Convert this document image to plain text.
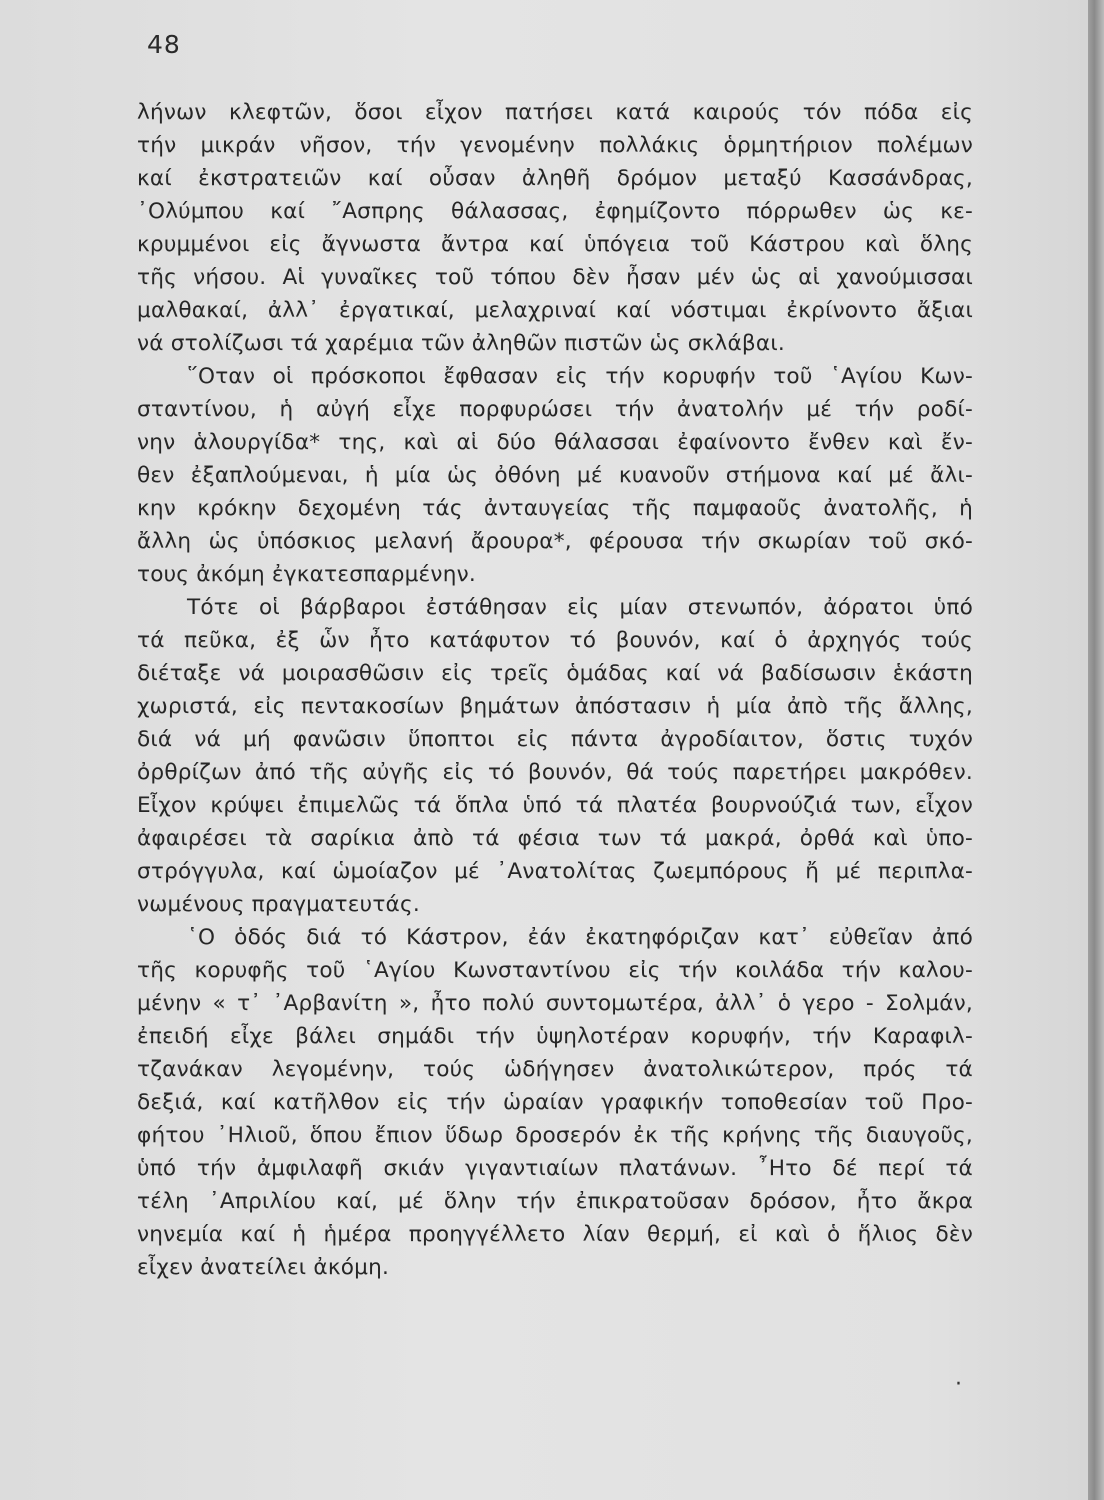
48
λήνων κλεφτῶν, ὅσοι εἶχον πατήσει κατά καιρούς τόν πόδα εἰς
τήν μικράν νῆσον, τήν γενομένην πολλάκις ὁρμητήριον πολέμων
καί ἐκστρατειῶν καί οὖσαν ἀληθῆ δρόμον μεταξύ Κασσάνδρας,
᾿Ολύμπου καί ῎Ασπρης θάλασσας, ἐφημίζοντο πόρρωθεν ὡς κε-
κρυμμένοι εἰς ἄγνωστα ἄντρα καί ὑπόγεια τοῦ Κάστρου καὶ ὅλης
τῆς νήσου. Αἱ γυναῖκες τοῦ τόπου δὲν ἦσαν μέν ὡς αἱ χανούμισσαι
μαλθακαί, ἀλλ᾿ ἐργατικαί, μελαχριναί καί νόστιμαι ἐκρίνοντο ἄξιαι
νά στολίζωσι τά χαρέμια τῶν ἀληθῶν πιστῶν ὡς σκλάβαι.
῞Οταν οἱ πρόσκοποι ἔφθασαν εἰς τήν κορυφήν τοῦ ῾Αγίου Κων-
σταντίνου, ἡ αὐγή εἶχε πορφυρώσει τήν ἀνατολήν μέ τήν ροδί-
νην ἁλουργίδα* της, καὶ αἱ δύο θάλασσαι ἐφαίνοντο ἔνθεν καὶ ἔν-
θεν ἐξαπλούμεναι, ἡ μία ὡς ὀθόνη μέ κυανοῦν στήμονα καί μέ ἄλι-
κην κρόκην δεχομένη τάς ἀνταυγείας τῆς παμφαοῦς ἀνατολῆς, ἡ
ἄλλη ὡς ὑπόσκιος μελανή ἄρουρα*, φέρουσα τήν σκωρίαν τοῦ σκό-
τους ἀκόμη ἐγκατεσπαρμένην.
Τότε οἱ βάρβαροι ἐστάθησαν εἰς μίαν στενωπόν, ἀόρατοι ὑπό
τά πεῦκα, ἐξ ὧν ἦτο κατάφυτον τό βουνόν, καί ὁ ἀρχηγός τούς
διέταξε νά μοιρασθῶσιν εἰς τρεῖς ὁμάδας καί νά βαδίσωσιν ἑκάστη
χωριστά, εἰς πεντακοσίων βημάτων ἀπόστασιν ἡ μία ἀπὸ τῆς ἄλλης,
διά νά μή φανῶσιν ὕποπτοι εἰς πάντα ἀγροδίαιτον, ὅστις τυχόν
ὀρθρίζων ἀπό τῆς αὐγῆς εἰς τό βουνόν, θά τούς παρετήρει μακρόθεν.
Εἶχον κρύψει ἐπιμελῶς τά ὅπλα ὑπό τά πλατέα βουρνούζιά των, εἶχον
ἀφαιρέσει τὰ σαρίκια ἀπὸ τά φέσια των τά μακρά, ὀρθά καὶ ὑπο-
στρόγγυλα, καί ὡμοίαζον μέ ᾿Ανατολίτας ζωεμπόρους ἤ μέ περιπλα-
νωμένους πραγματευτάς.
῾Ο ὁδός διά τό Κάστρον, ἐάν ἐκατηφόριζαν κατ᾿ εὐθεῖαν ἀπό
τῆς κορυφῆς τοῦ ῾Αγίου Κωνσταντίνου εἰς τήν κοιλάδα τήν καλου-
μένην « τ᾿ ᾿Αρβανίτη », ἦτο πολύ συντομωτέρα, ἀλλ᾿ ὁ γερο - Σολμάν,
ἐπειδή εἶχε βάλει σημάδι τήν ὑψηλοτέραν κορυφήν, τήν Καραφιλ-
τζανάκαν λεγομένην, τούς ὡδήγησεν ἀνατολικώτερον, πρός τά
δεξιά, καί κατῆλθον εἰς τήν ὡραίαν γραφικήν τοποθεσίαν τοῦ Προ-
φήτου ᾿Ηλιοῦ, ὅπου ἔπιον ὕδωρ δροσερόν ἐκ τῆς κρήνης τῆς διαυγοῦς,
ὑπό τήν ἀμφιλαφῆ σκιάν γιγαντιαίων πλατάνων. ῏Ητο δέ περί τά
τέλη ᾿Απριλίου καί, μέ ὅλην τήν ἐπικρατοῦσαν δρόσον, ἦτο ἄκρα
νηνεμία καί ἡ ἡμέρα προηγγέλλετο λίαν θερμή, εἰ καὶ ὁ ἥλιος δὲν
εἶχεν ἀνατείλει ἀκόμη.
·
